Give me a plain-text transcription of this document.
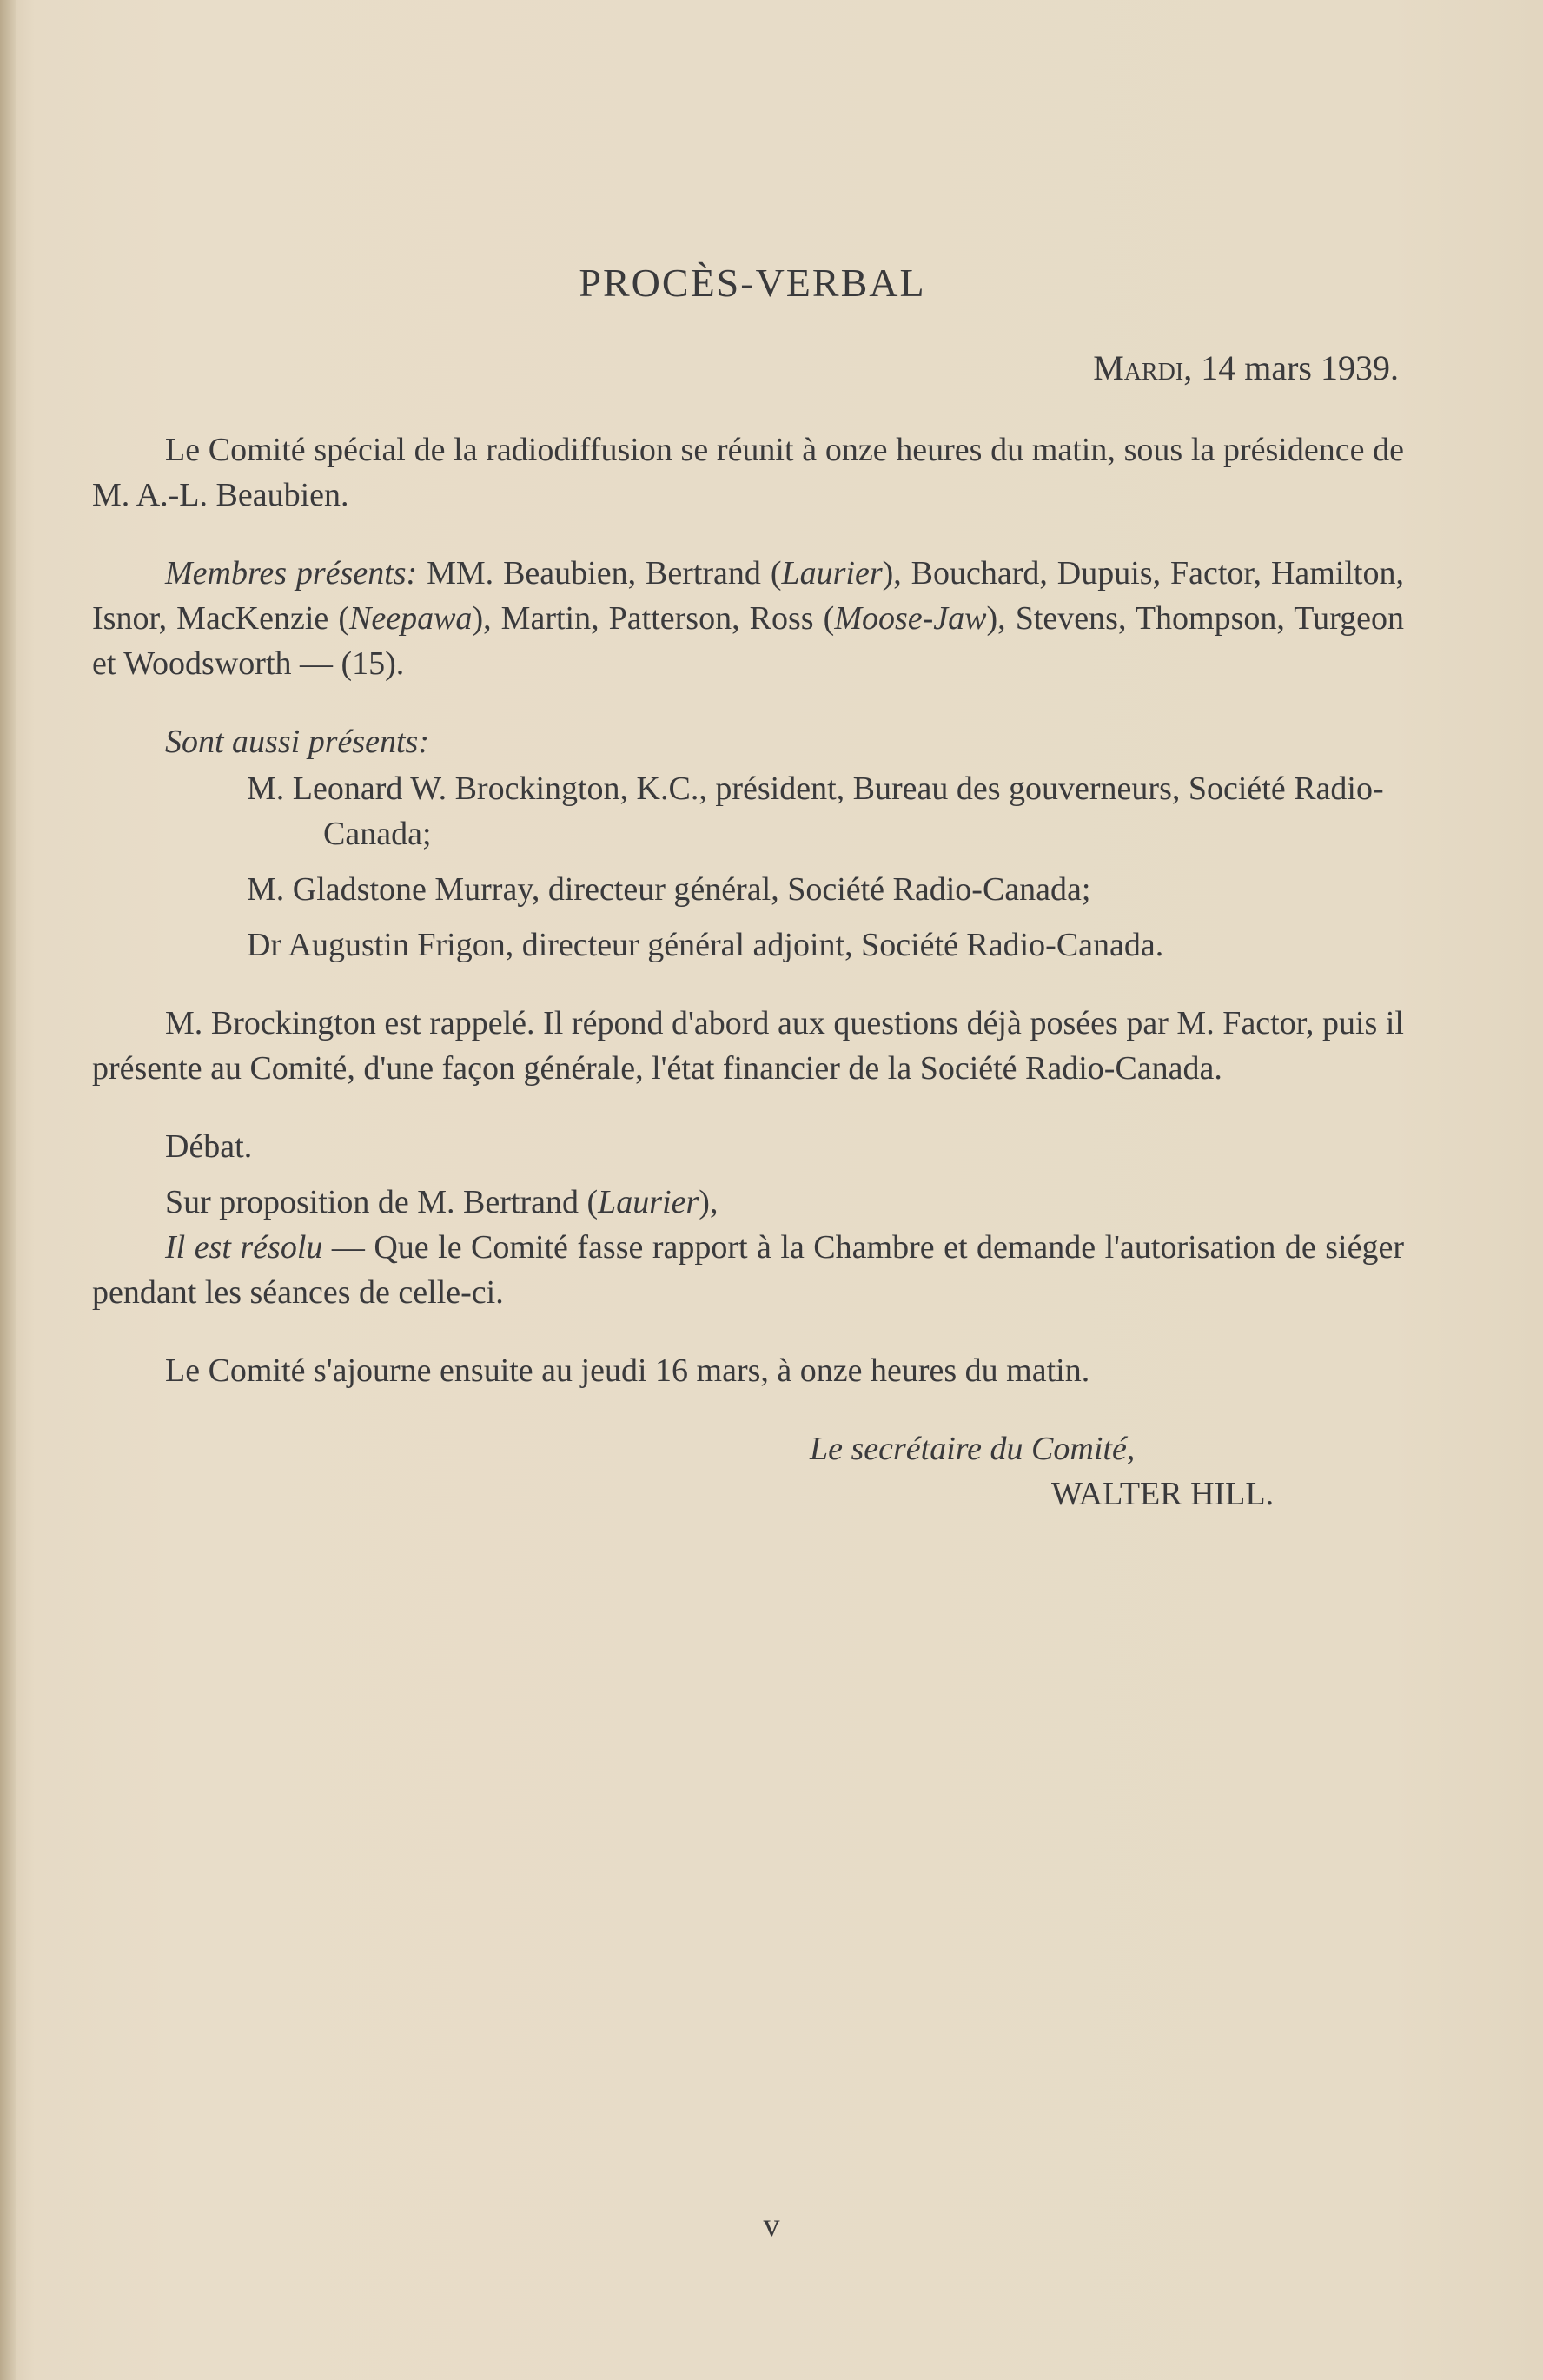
PROCÈS-VERBAL

Mardi, 14 mars 1939.

Le Comité spécial de la radiodiffusion se réunit à onze heures du matin, sous la présidence de M. A.-L. Beaubien.

Membres présents: MM. Beaubien, Bertrand (Laurier), Bouchard, Dupuis, Factor, Hamilton, Isnor, MacKenzie (Neepawa), Martin, Patterson, Ross (Moose-Jaw), Stevens, Thompson, Turgeon et Woodsworth — (15).

Sont aussi présents:

M. Leonard W. Brockington, K.C., président, Bureau des gouverneurs, Société Radio-Canada;

M. Gladstone Murray, directeur général, Société Radio-Canada;

Dr Augustin Frigon, directeur général adjoint, Société Radio-Canada.

M. Brockington est rappelé. Il répond d'abord aux questions déjà posées par M. Factor, puis il présente au Comité, d'une façon générale, l'état financier de la Société Radio-Canada.

Débat.

Sur proposition de M. Bertrand (Laurier),

Il est résolu — Que le Comité fasse rapport à la Chambre et demande l'autorisation de siéger pendant les séances de celle-ci.

Le Comité s'ajourne ensuite au jeudi 16 mars, à onze heures du matin.

Le secrétaire du Comité,

WALTER HILL.

v
